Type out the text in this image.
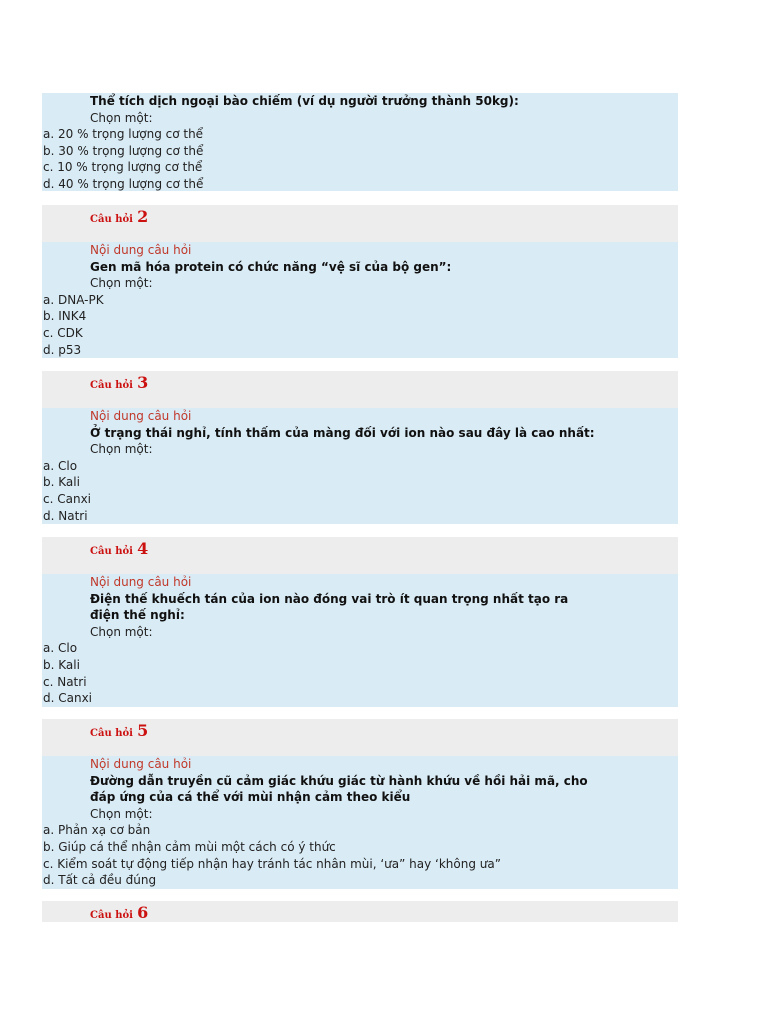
Thể tích dịch ngoại bào chiếm (ví dụ người trưởng thành 50kg):
Chọn một:
a. 20 % trọng lượng cơ thể
b. 30 % trọng lượng cơ thể
c. 10 % trọng lượng cơ thể
d. 40 % trọng lượng cơ thể
Câu hỏi 2
Nội dung câu hỏi
Gen mã hóa protein có chức năng “vệ sĩ của bộ gen”:
Chọn một:
a. DNA-PK
b. INK4
c. CDK
d. p53
Câu hỏi 3
Nội dung câu hỏi
Ở trạng thái nghỉ, tính thấm của màng đối với ion nào sau đây là cao nhất:
Chọn một:
a. Clo
b. Kali
c. Canxi
d. Natri
Câu hỏi 4
Nội dung câu hỏi
Điện thế khuếch tán của ion nào đóng vai trò ít quan trọng nhất tạo ra điện thế nghỉ:
Chọn một:
a. Clo
b. Kali
c. Natri
d. Canxi
Câu hỏi 5
Nội dung câu hỏi
Đường dẫn truyền cũ cảm giác khứu giác từ hành khứu về hồi hải mã, cho đáp ứng của cá thể với mùi nhận cảm theo kiểu
Chọn một:
a. Phản xạ cơ bản
b. Giúp cá thể nhận cảm mùi một cách có ý thức
c. Kiểm soát tự động tiếp nhận hay tránh tác nhân mùi, ‘ưa” hay ‘không ưa”
d. Tất cả đều đúng
Câu hỏi 6
